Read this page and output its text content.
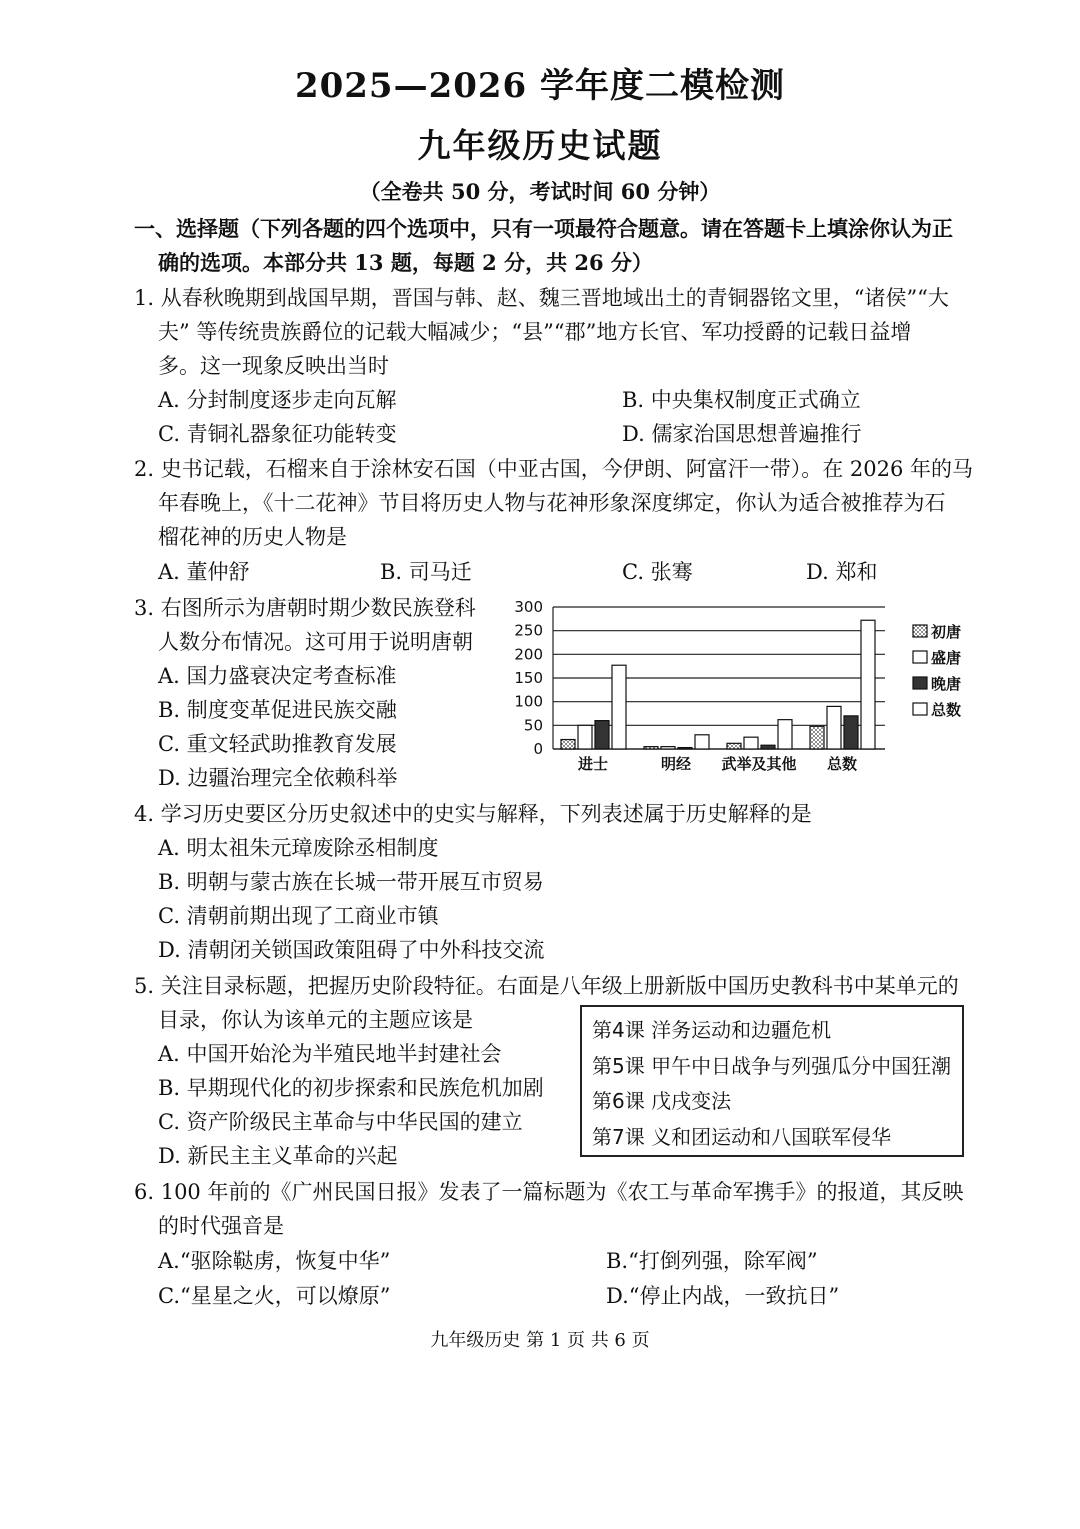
2025—2026 学年度二模检测
九年级历史试题
（全卷共 50 分，考试时间 60 分钟）
一、选择题（下列各题的四个选项中，只有一项最符合题意。请在答题卡上填涂你认为正
确的选项。本部分共 13 题，每题 2 分，共 26 分）
1. 从春秋晚期到战国早期，晋国与韩、赵、魏三晋地域出土的青铜器铭文里，“诸侯”“大
夫” 等传统贵族爵位的记载大幅减少；“县”“郡”地方长官、军功授爵的记载日益增
多。这一现象反映出当时
A. 分封制度逐步走向瓦解	B. 中央集权制度正式确立
C. 青铜礼器象征功能转变	D. 儒家治国思想普遍推行
2. 史书记载，石榴来自于涂林安石国（中亚古国，今伊朗、阿富汗一带）。在 2026 年的马
年春晚上，《十二花神》节目将历史人物与花神形象深度绑定，你认为适合被推荐为石
榴花神的历史人物是
A. 董仲舒	B. 司马迁	C. 张骞	D. 郑和
3. 右图所示为唐朝时期少数民族登科
人数分布情况。这可用于说明唐朝
A. 国力盛衰决定考查标准
B. 制度变革促进民族交融
C. 重文轻武助推教育发展
D. 边疆治理完全依赖科举
0
50
100
150
200
250
300
进士	明经 武举及其他 总数
初唐
盛唐
晚唐
总数
4. 学习历史要区分历史叙述中的史实与解释，下列表述属于历史解释的是
A. 明太祖朱元璋废除丞相制度
B. 明朝与蒙古族在长城一带开展互市贸易
C. 清朝前期出现了工商业市镇
D. 清朝闭关锁国政策阻碍了中外科技交流
5. 关注目录标题，把握历史阶段特征。右面是八年级上册新版中国历史教科书中某单元的
目录，你认为该单元的主题应该是
A. 中国开始沦为半殖民地半封建社会
B. 早期现代化的初步探索和民族危机加剧
C. 资产阶级民主革命与中华民国的建立
D. 新民主主义革命的兴起
第4课 洋务运动和边疆危机
第5课 甲午中日战争与列强瓜分中国狂潮
第6课 戊戌变法
第7课 义和团运动和八国联军侵华
6. 100 年前的《广州民国日报》发表了一篇标题为《农工与革命军携手》的报道，其反映
的时代强音是
A.“驱除鞑虏，恢复中华”	B.“打倒列强，除军阀”
C.“星星之火，可以燎原”	D.“停止内战，一致抗日”
九年级历史 第 1 页 共 6 页
